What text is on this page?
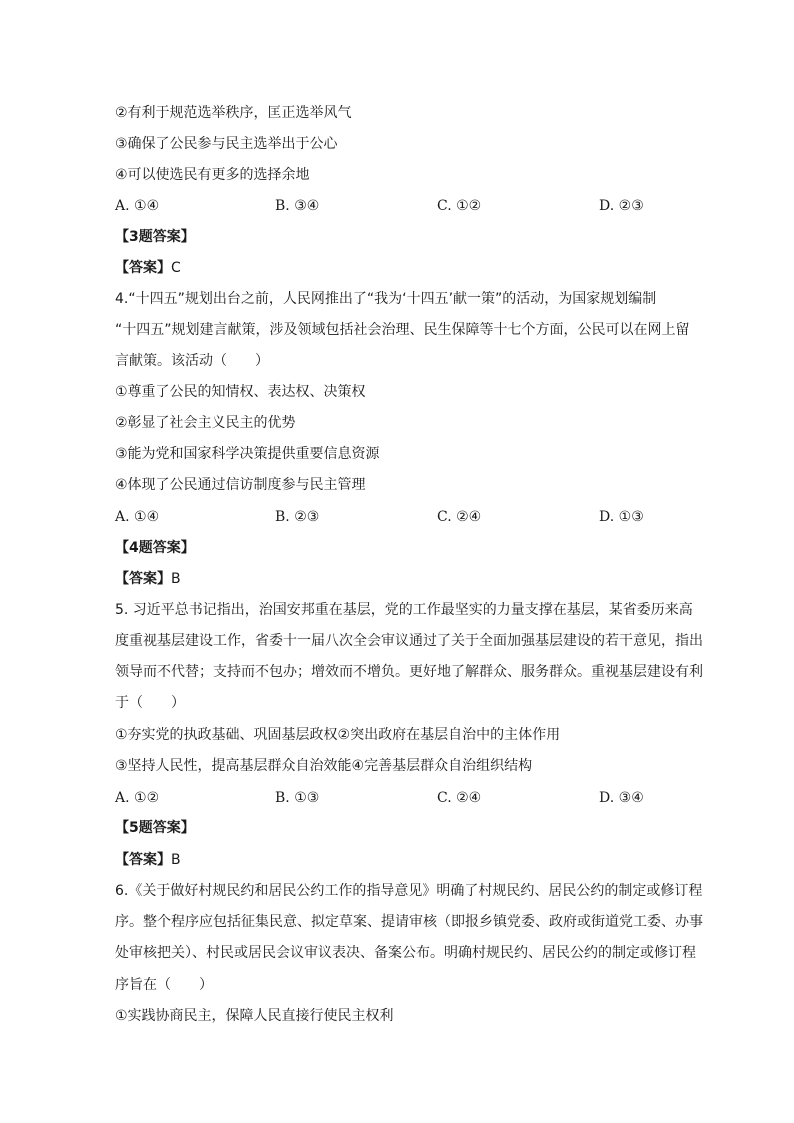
②有利于规范选举秩序，匡正选举风气
③确保了公民参与民主选举出于公心
④可以使选民有更多的选择余地
A. ①④	B. ③④	C. ①②	D. ②③
【3题答案】
【答案】C
4.“十四五”规划出台之前，人民网推出了“我为‘十四五’献一策”的活动，为国家规划编制
“十四五”规划建言献策，涉及领域包括社会治理、民生保障等十七个方面，公民可以在网上留
言献策。该活动（　　）
①尊重了公民的知情权、表达权、决策权
②彰显了社会主义民主的优势
③能为党和国家科学决策提供重要信息资源
④体现了公民通过信访制度参与民主管理
A. ①④	B. ②③	C. ②④	D. ①③
【4题答案】
【答案】B
5. 习近平总书记指出，治国安邦重在基层，党的工作最坚实的力量支撑在基层，某省委历来高
度重视基层建设工作，省委十一届八次全会审议通过了关于全面加强基层建设的若干意见，指出
领导而不代替；支持而不包办；增效而不增负。更好地了解群众、服务群众。重视基层建设有利
于（　　）
①夯实党的执政基础、巩固基层政权②突出政府在基层自治中的主体作用
③坚持人民性，提高基层群众自治效能④完善基层群众自治组织结构
A. ①②	B. ①③	C. ②④	D. ③④
【5题答案】
【答案】B
6.《关于做好村规民约和居民公约工作的指导意见》明确了村规民约、居民公约的制定或修订程
序。整个程序应包括征集民意、拟定草案、提请审核（即报乡镇党委、政府或街道党工委、办事
处审核把关）、村民或居民会议审议表决、备案公布。明确村规民约、居民公约的制定或修订程
序旨在（　　）
①实践协商民主，保障人民直接行使民主权利
